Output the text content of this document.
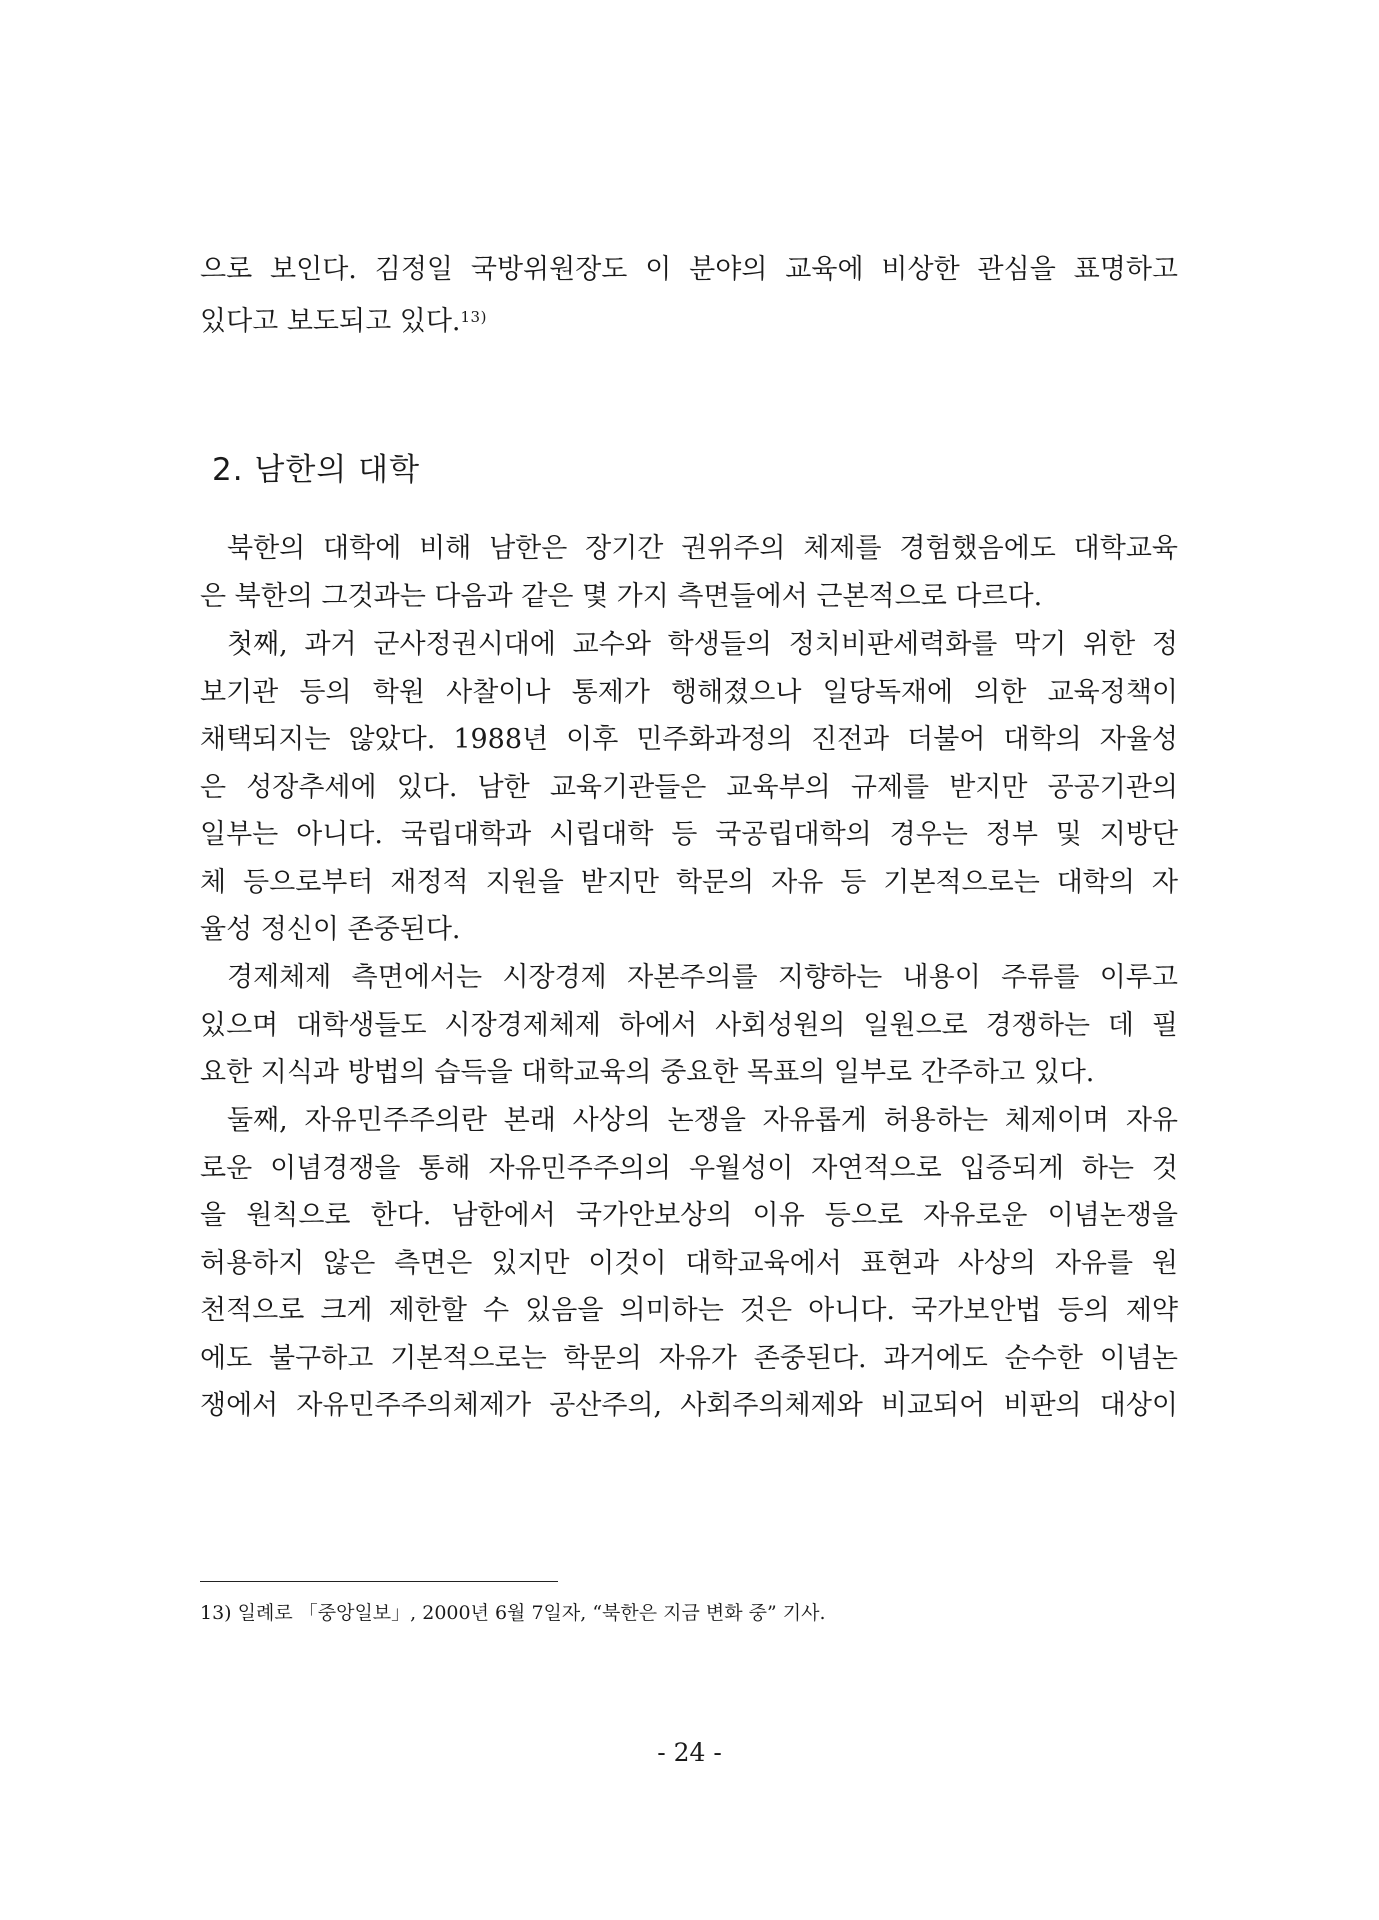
으로 보인다. 김정일 국방위원장도 이 분야의 교육에 비상한 관심을 표명하고
있다고 보도되고 있다.$^{13)}$
2. 남한의 대학
북한의 대학에 비해 남한은 장기간 권위주의 체제를 경험했음에도 대학교육
은 북한의 그것과는 다음과 같은 몇 가지 측면들에서 근본적으로 다르다.
첫째, 과거 군사정권시대에 교수와 학생들의 정치비판세력화를 막기 위한 정
보기관 등의 학원 사찰이나 통제가 행해졌으나 일당독재에 의한 교육정책이
채택되지는 않았다. 1988년 이후 민주화과정의 진전과 더불어 대학의 자율성
은 성장추세에 있다. 남한 교육기관들은 교육부의 규제를 받지만 공공기관의
일부는 아니다. 국립대학과 시립대학 등 국공립대학의 경우는 정부 및 지방단
체 등으로부터 재정적 지원을 받지만 학문의 자유 등 기본적으로는 대학의 자
율성 정신이 존중된다.
경제체제 측면에서는 시장경제 자본주의를 지향하는 내용이 주류를 이루고
있으며 대학생들도 시장경제체제 하에서 사회성원의 일원으로 경쟁하는 데 필
요한 지식과 방법의 습득을 대학교육의 중요한 목표의 일부로 간주하고 있다.
둘째, 자유민주주의란 본래 사상의 논쟁을 자유롭게 허용하는 체제이며 자유
로운 이념경쟁을 통해 자유민주주의의 우월성이 자연적으로 입증되게 하는 것
을 원칙으로 한다. 남한에서 국가안보상의 이유 등으로 자유로운 이념논쟁을
허용하지 않은 측면은 있지만 이것이 대학교육에서 표현과 사상의 자유를 원
천적으로 크게 제한할 수 있음을 의미하는 것은 아니다. 국가보안법 등의 제약
에도 불구하고 기본적으로는 학문의 자유가 존중된다. 과거에도 순수한 이념논
쟁에서 자유민주주의체제가 공산주의, 사회주의체제와 비교되어 비판의 대상이

13) 일례로 「중앙일보」, 2000년 6월 7일자, “북한은 지금 변화 중” 기사.

- 24 -
